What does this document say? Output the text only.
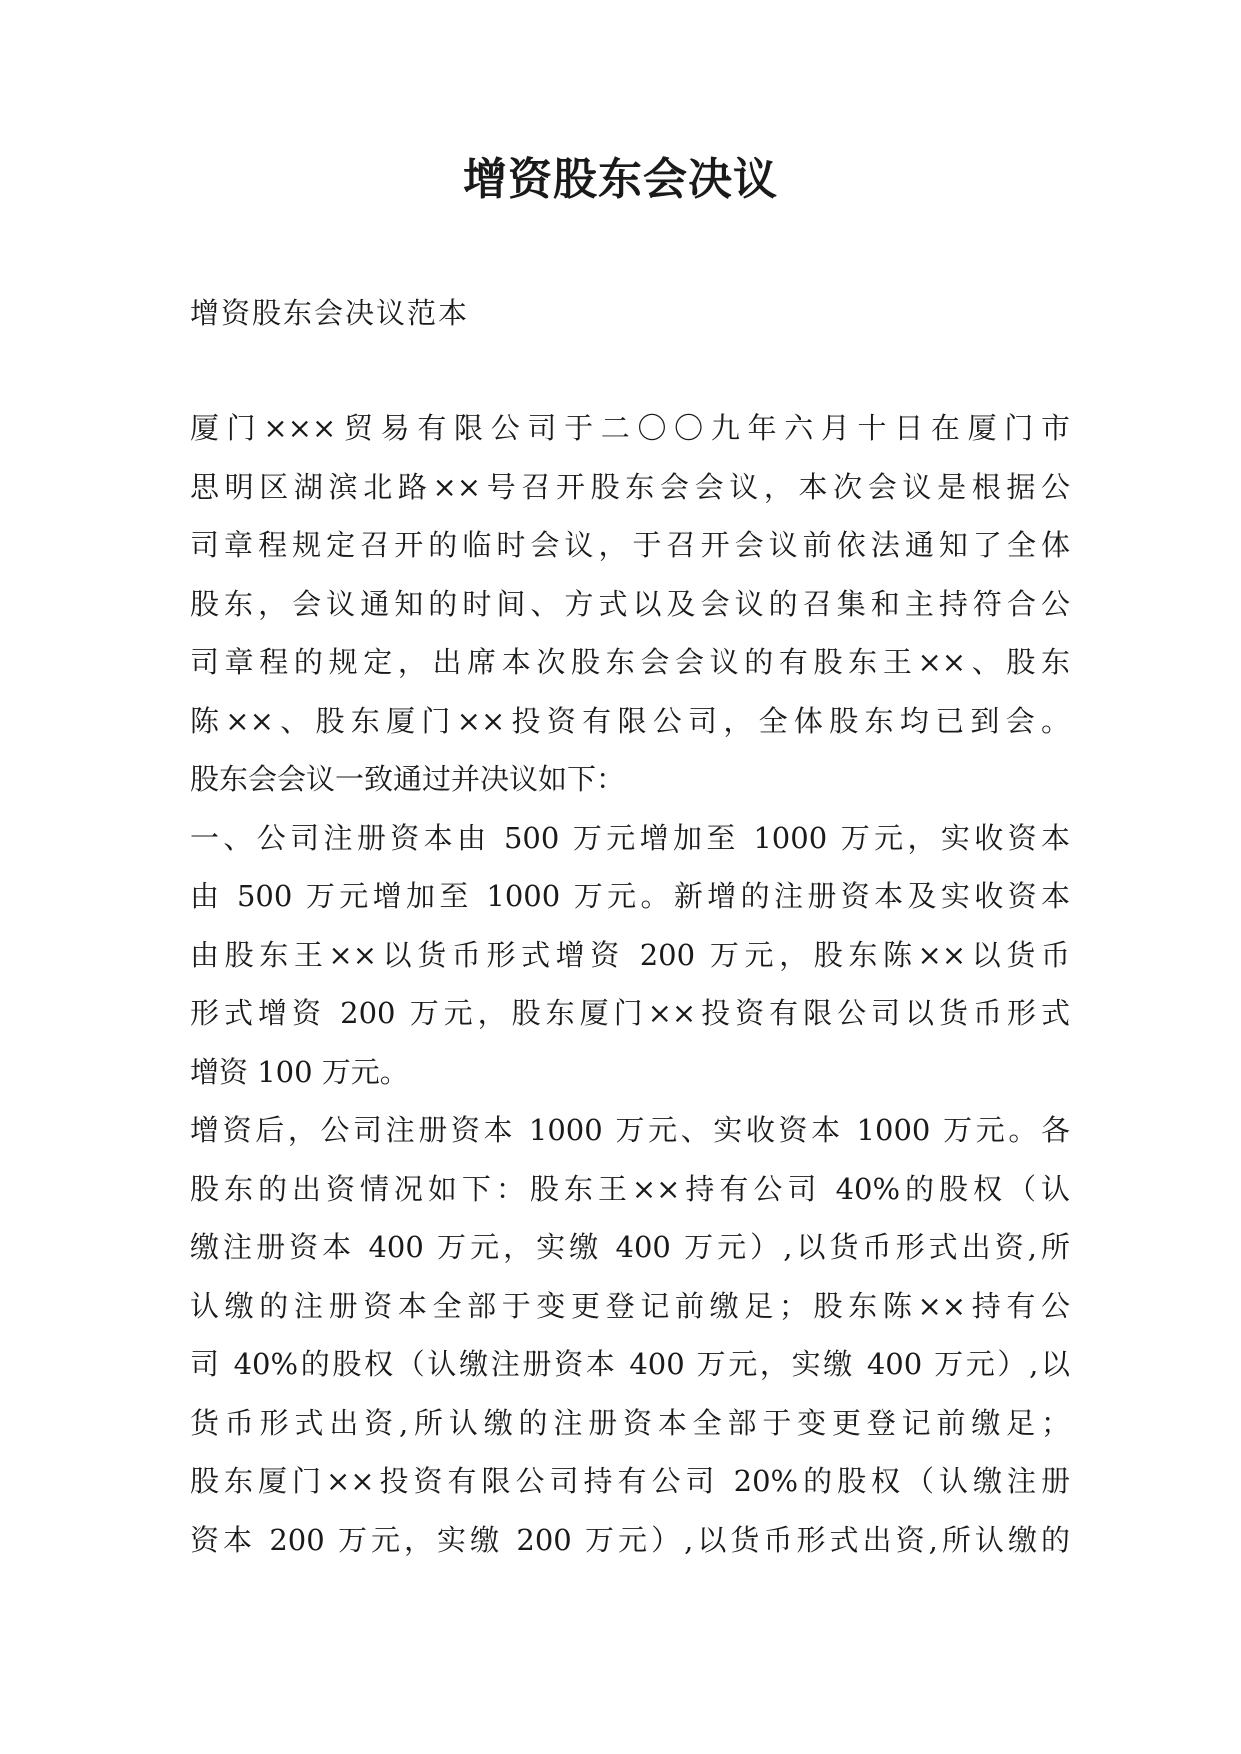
增资股东会决议
增资股东会决议范本
厦门×××贸易有限公司于二〇〇九年六月十日在厦门市
思明区湖滨北路××号召开股东会会议，本次会议是根据公
司章程规定召开的临时会议，于召开会议前依法通知了全体
股东，会议通知的时间、方式以及会议的召集和主持符合公
司章程的规定，出席本次股东会会议的有股东王××、股东
陈××、股东厦门××投资有限公司，全体股东均已到会。
股东会会议一致通过并决议如下：
一、公司注册资本由 500 万元增加至 1000 万元，实收资本
由 500 万元增加至 1000 万元。新增的注册资本及实收资本
由股东王××以货币形式增资 200 万元，股东陈××以货币
形式增资 200 万元，股东厦门××投资有限公司以货币形式
增资 100 万元。
增资后，公司注册资本 1000 万元、实收资本 1000 万元。各
股东的出资情况如下：股东王××持有公司 40%的股权（认
缴注册资本 400 万元，实缴 400 万元）,以货币形式出资,所
认缴的注册资本全部于变更登记前缴足；股东陈××持有公
司 40%的股权（认缴注册资本 400 万元，实缴 400 万元）,以
货币形式出资,所认缴的注册资本全部于变更登记前缴足；
股东厦门××投资有限公司持有公司 20%的股权（认缴注册
资本 200 万元，实缴 200 万元）,以货币形式出资,所认缴的
